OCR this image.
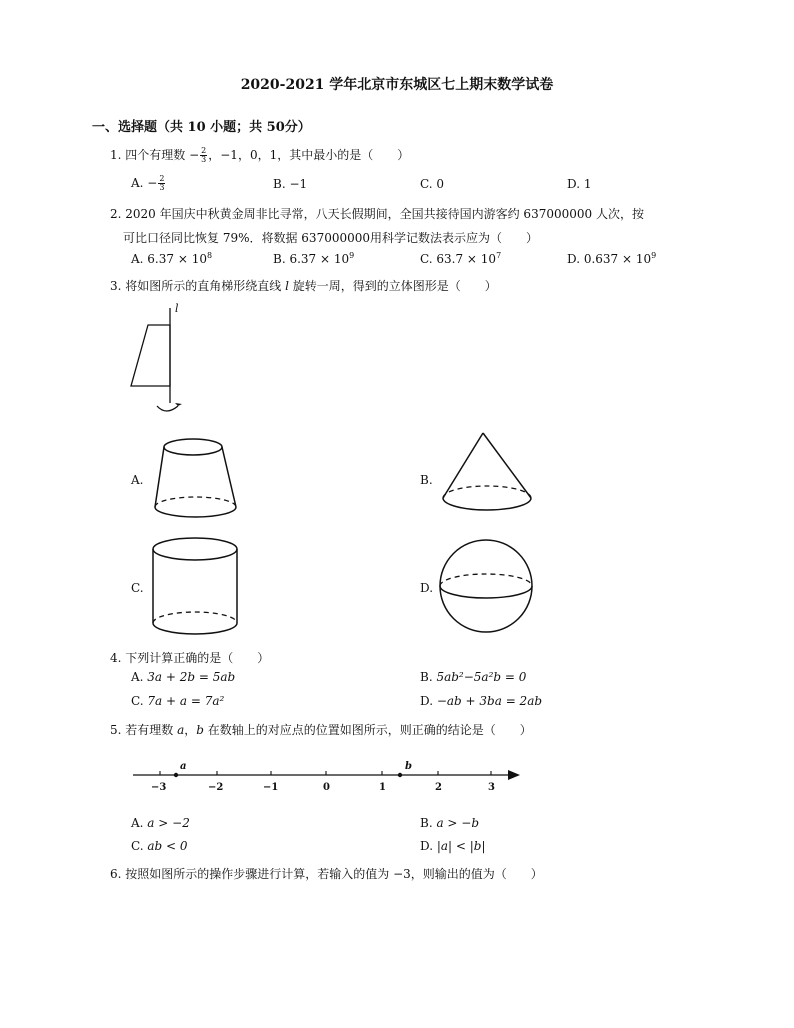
2020-2021 学年北京市东城区七上期末数学试卷
一、选择题（共 10 小题；共 50分）
1. 四个有理数 − $\frac{2}{3}$ ，−1，0，1，其中最小的是（　　）
A. − $\frac{2}{3}$	B. −1	C. 0	D. 1
2. 2020 年国庆中秋黄金周非比寻常，八天长假期间，全国共接待国内游客约 637000000 人次，按
可比口径同比恢复 79%．将数据 637000000用科学记数法表示应为（　　）
A. $6.37 \times 10^8$	B. $6.37 \times 10^9$	C. $63.7 \times 10^7$	D. $0.637 \times 10^9$
3. 将如图所示的直角梯形绕直线 l 旋转一周，得到的立体图形是（　　）
l
A.	B.
C.	D.
4. 下列计算正确的是（　　）
A. 3a + 2b = 5ab	B. 5ab²−5a²b = 0
C. 7a + a = 7a²	D. −ab + 3ba = 2ab
5. 若有理数 a，b 在数轴上的对应点的位置如图所示，则正确的结论是（　　）
a	b
−3	−2	−1	0	1	2	3
A. a > −2	B. a > −b
C. ab < 0	D. |a| < |b|
6. 按照如图所示的操作步骤进行计算，若输入的值为 −3，则输出的值为（　　）
